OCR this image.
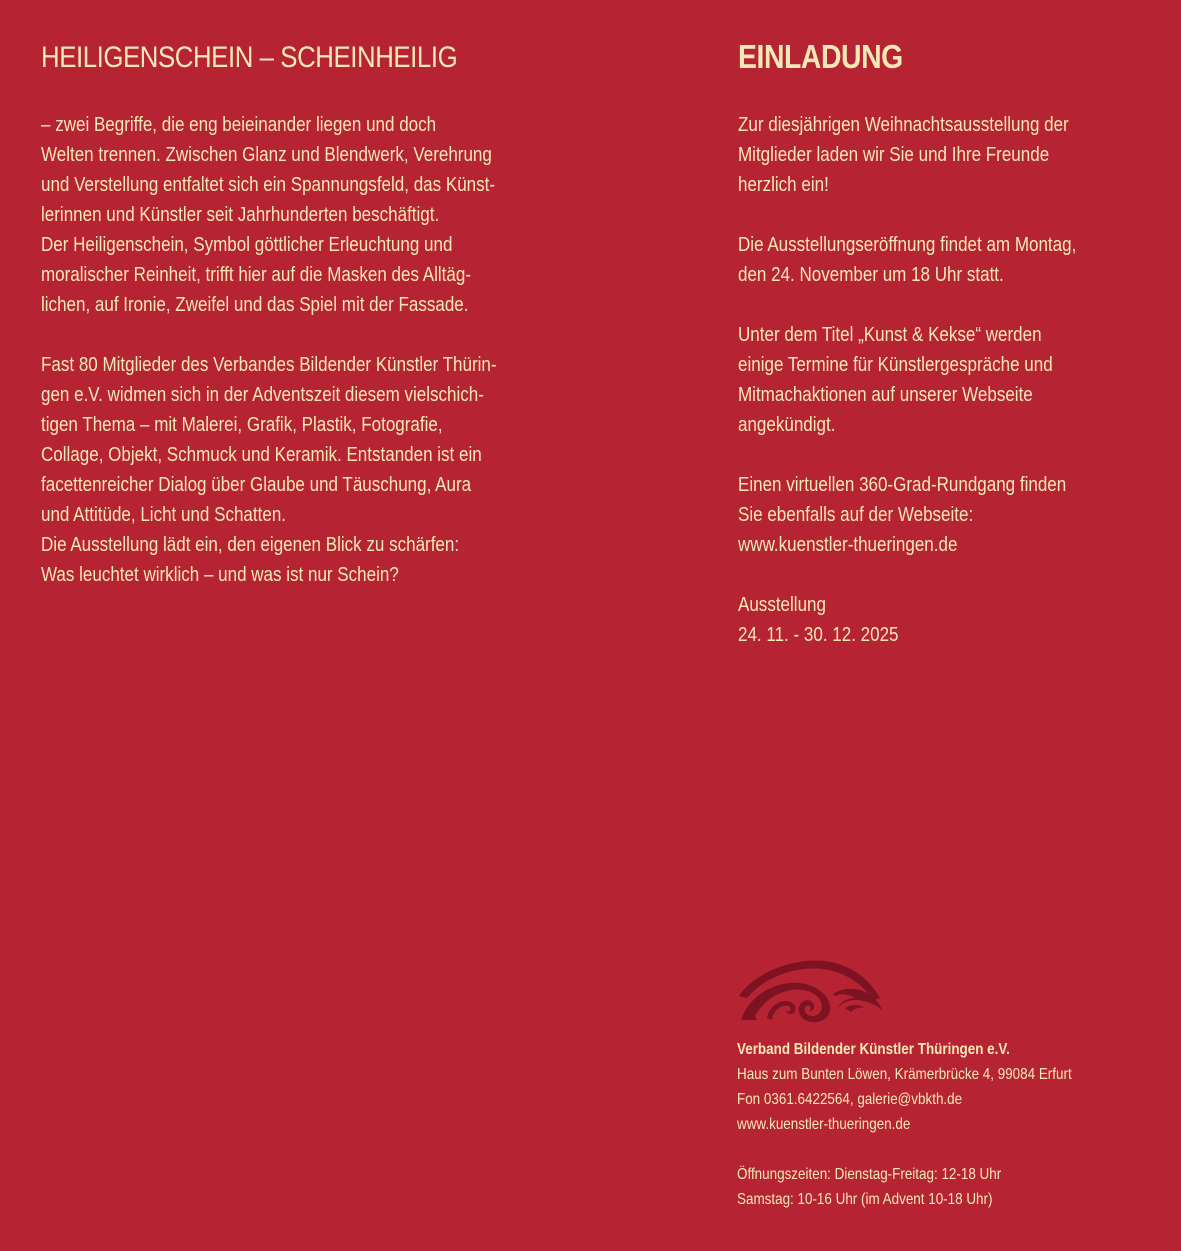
HEILIGENSCHEIN – SCHEINHEILIG
– zwei Begriffe, die eng beieinander liegen und doch
Welten trennen. Zwischen Glanz und Blendwerk, Verehrung
und Verstellung entfaltet sich ein Spannungsfeld, das Künst-
lerinnen und Künstler seit Jahrhunderten beschäftigt.
Der Heiligenschein, Symbol göttlicher Erleuchtung und
moralischer Reinheit, trifft hier auf die Masken des Alltäg-
lichen, auf Ironie, Zweifel und das Spiel mit der Fassade.
Fast 80 Mitglieder des Verbandes Bildender Künstler Thürin-
gen e.V. widmen sich in der Adventszeit diesem vielschich-
tigen Thema – mit Malerei, Grafik, Plastik, Fotografie,
Collage, Objekt, Schmuck und Keramik. Entstanden ist ein
facettenreicher Dialog über Glaube und Täuschung, Aura
und Attitüde, Licht und Schatten.
Die Ausstellung lädt ein, den eigenen Blick zu schärfen:
Was leuchtet wirklich – und was ist nur Schein?
EINLADUNG
Zur diesjährigen Weihnachtsausstellung der
Mitglieder laden wir Sie und Ihre Freunde
herzlich ein!
Die Ausstellungseröffnung findet am Montag,
den 24. November um 18 Uhr statt.
Unter dem Titel „Kunst & Kekse“ werden
einige Termine für Künstlergespräche und
Mitmachaktionen auf unserer Webseite
angekündigt.
Einen virtuellen 360-Grad-Rundgang finden
Sie ebenfalls auf der Webseite:
www.kuenstler-thueringen.de
Ausstellung
24. 11. - 30. 12. 2025
Verband Bildender Künstler Thüringen e.V.
Haus zum Bunten Löwen, Krämerbrücke 4, 99084 Erfurt
Fon 0361.6422564, galerie@vbkth.de
www.kuenstler-thueringen.de
Öffnungszeiten: Dienstag-Freitag: 12-18 Uhr
Samstag: 10-16 Uhr (im Advent 10-18 Uhr)
